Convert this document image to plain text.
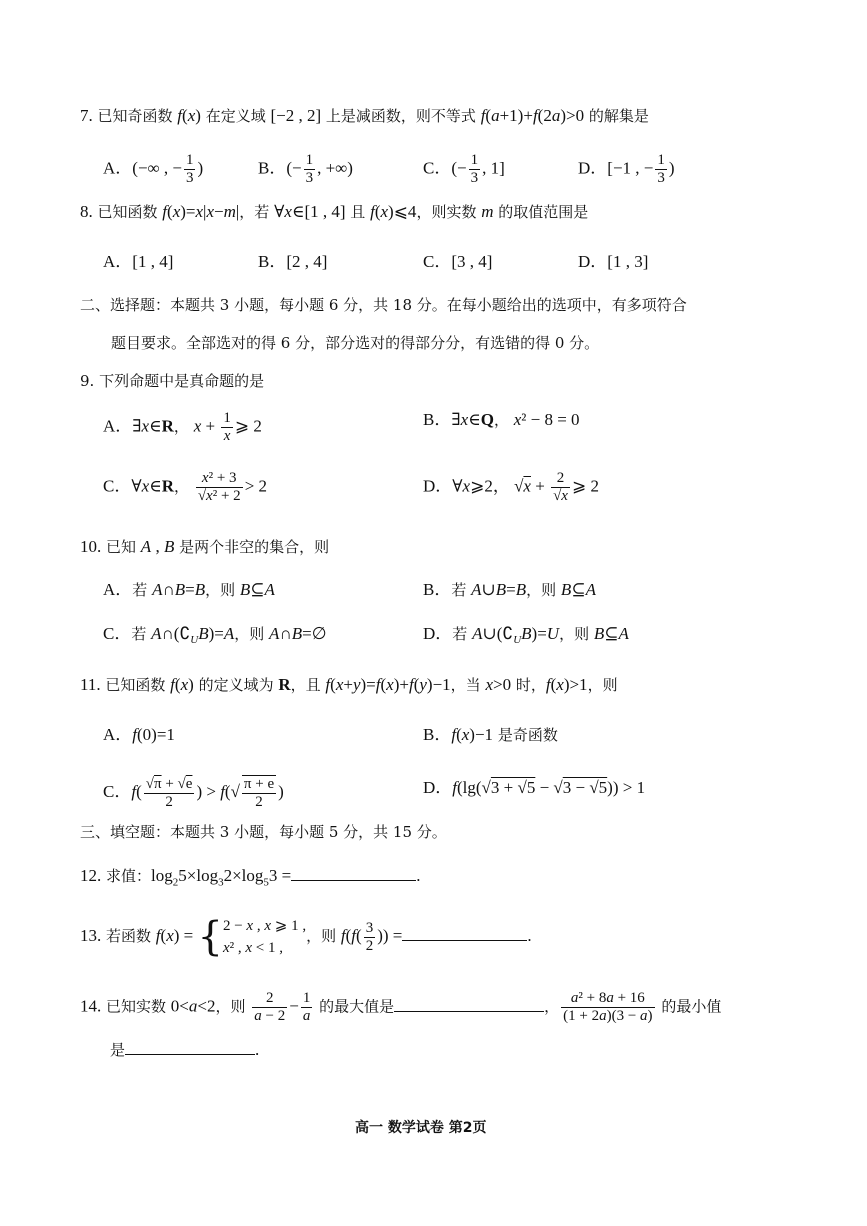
7. 已知奇函数 f(x) 在定义域 [−2 , 2] 上是减函数，则不等式 f(a+1)+f(2a)>0 的解集是
A．(−∞ , − $\frac{1}{3}$ )	B．(− $\frac{1}{3}$ , +∞)	C．(− $\frac{1}{3}$ , 1]	D．[−1 , − $\frac{1}{3}$ )
8. 已知函数 f(x)=x|x−m|，若 ∀x∈[1 , 4] 且 f(x)⩽4，则实数 m 的取值范围是
A．[1 , 4]	B．[2 , 4]	C．[3 , 4]	D．[1 , 3]
二、选择题：本题共 3 小题，每小题 6 分，共 18 分。在每小题给出的选项中，有多项符合
题目要求。全部选对的得 6 分，部分选对的得部分分，有选错的得 0 分。
9. 下列命题中是真命题的是
A．∃x∈R， $x + \frac{1}{x}$ ⩾ 2	B．∃x∈Q， x² − 8 = 0
C．∀x∈R， $\frac{\text{x² + 3}}{\text{√x² + 2}} > 2$	D．∀x⩾2， $√x + \frac{2}{√x}$ ⩾ 2
10. 已知 A , B 是两个非空的集合，则
A．若 A∩B=B，则 B⊆A	B．若 A∪B=B，则 B⊆A
C．若 $A\cap(∁_UB)=A$，则 A∩B=∅	D．若 $A\cup(∁_UB)=U$，则 B⊆A
11. 已知函数 f(x) 的定义域为 R，且 f(x+y)=f(x)+f(y)−1，当 x>0 时，f(x)>1，则
A．f(0)=1	B．f(x)−1 是奇函数
C．$f( \frac{√\pi + √e}{2}$ ) > $f(√ \frac{\pi + e}{2}$ )	D．f(lg(√3 + √5 − √3 − √5)) > 1
三、填空题：本题共 3 小题，每小题 5 分，共 15 分。
12. 求值：$\log_25\times\log_32\times\log_53$ =	.
13. 若函数 f(x) = { 2 − x , x ⩾ 1 ,
x² , x < 1 ,
，则 $f(f( \frac{3}{2}$ )) =	.
14. 已知实数 0<a<2，则 $\frac{2}{a - 2} - \frac{1}{a}$ 的最大值是	， $\frac{\text{a² + 8a + 16}}{(1 + 2a)(3 - a)}$ 的最小值
是	.
高一 数学试卷 第2页
